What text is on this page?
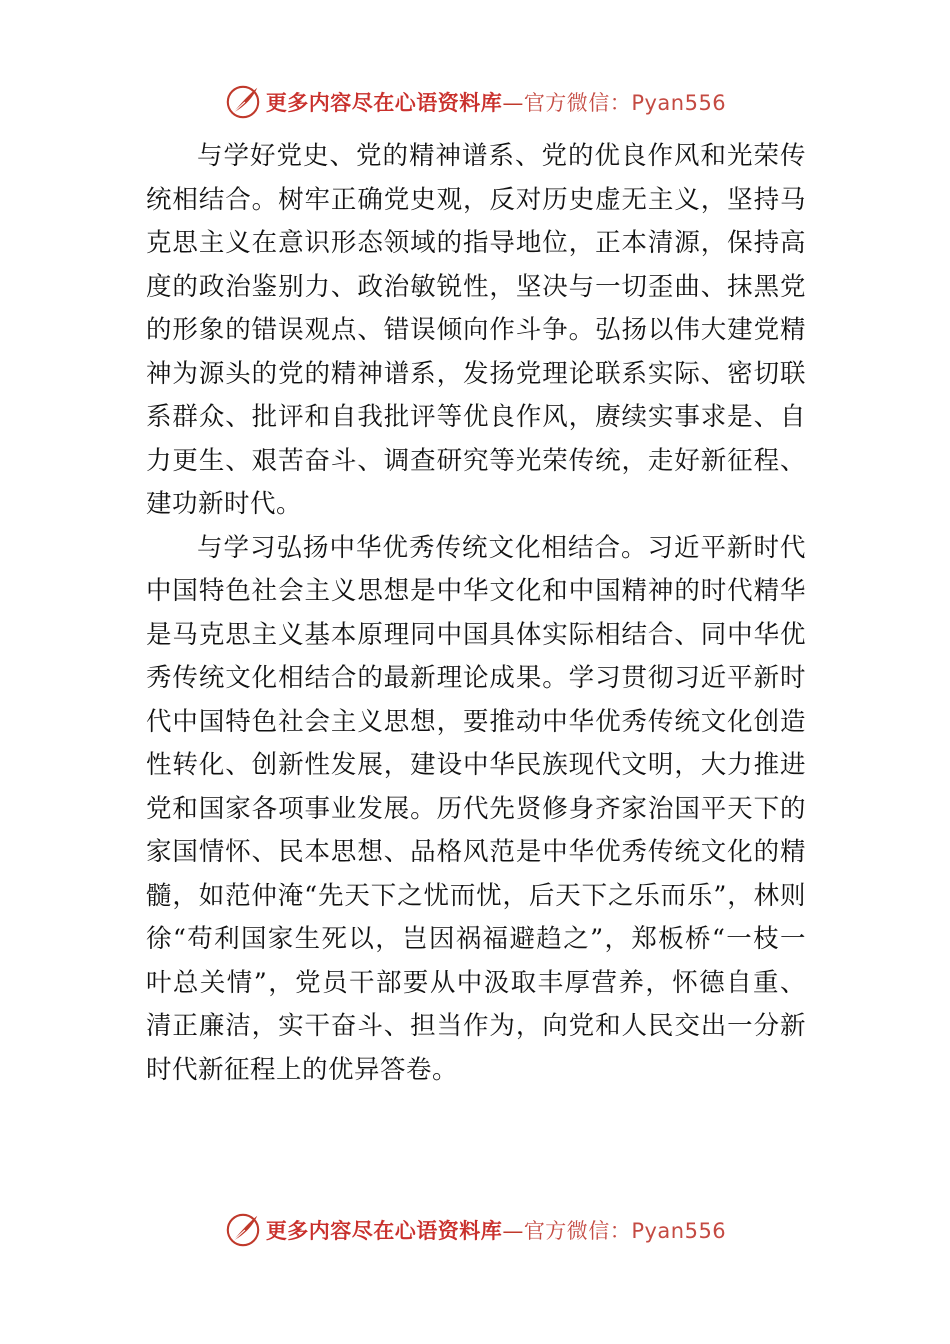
更多内容尽在心语资料库—官方微信：Pyan556

与学好党史、党的精神谱系、党的优良作风和光荣传统相结合。树牢正确党史观，反对历史虚无主义，坚持马克思主义在意识形态领域的指导地位，正本清源，保持高度的政治鉴别力、政治敏锐性，坚决与一切歪曲、抹黑党的形象的错误观点、错误倾向作斗争。弘扬以伟大建党精神为源头的党的精神谱系，发扬党理论联系实际、密切联系群众、批评和自我批评等优良作风，赓续实事求是、自力更生、艰苦奋斗、调查研究等光荣传统，走好新征程、建功新时代。

与学习弘扬中华优秀传统文化相结合。习近平新时代中国特色社会主义思想是中华文化和中国精神的时代精华是马克思主义基本原理同中国具体实际相结合、同中华优秀传统文化相结合的最新理论成果。学习贯彻习近平新时代中国特色社会主义思想，要推动中华优秀传统文化创造性转化、创新性发展，建设中华民族现代文明，大力推进党和国家各项事业发展。历代先贤修身齐家治国平天下的家国情怀、民本思想、品格风范是中华优秀传统文化的精髓，如范仲淹“先天下之忧而忧，后天下之乐而乐”，林则徐“苟利国家生死以，岂因祸福避趋之”，郑板桥“一枝一叶总关情”，党员干部要从中汲取丰厚营养，怀德自重、清正廉洁，实干奋斗、担当作为，向党和人民交出一分新时代新征程上的优异答卷。

更多内容尽在心语资料库—官方微信：Pyan556
